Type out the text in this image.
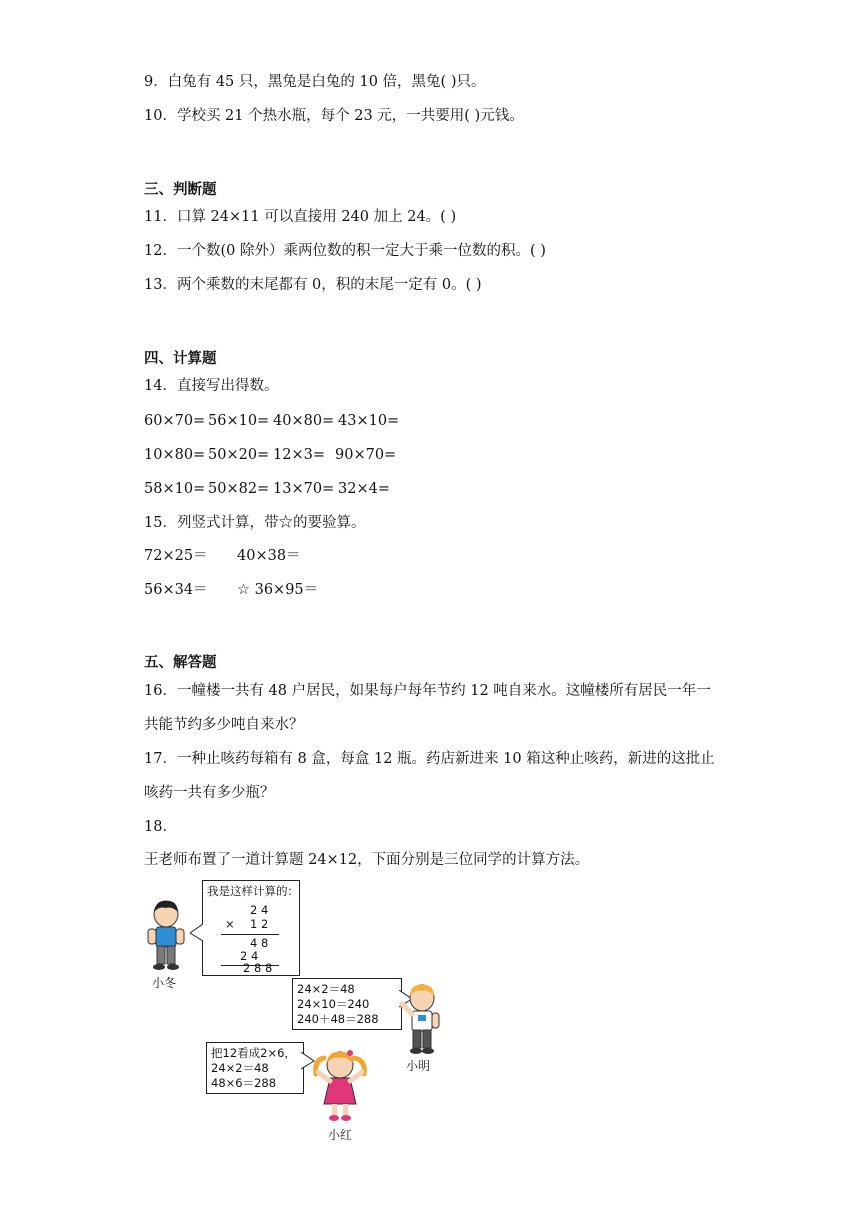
9．白兔有 45 只，黑兔是白兔的 10 倍，黑兔( )只。
10．学校买 21 个热水瓶，每个 23 元，一共要用( )元钱。
三、判断题
11．口算 24×11 可以直接用 240 加上 24。( )
12．一个数(0 除外）乘两位数的积一定大于乘一位数的积。( )
13．两个乘数的末尾都有 0，积的末尾一定有 0。( )
四、计算题
14．直接写出得数。
60×70= 56×10= 40×80= 43×10=
10×80= 50×20= 12×3= 90×70=
58×10= 50×82= 13×70= 32×4=
15．列竖式计算，带☆的要验算。
72×25＝ 40×38＝
56×34＝ ☆ 36×95＝
五、解答题
16．一幢楼一共有 48 户居民，如果每户每年节约 12 吨自来水。这幢楼所有居民一年一
共能节约多少吨自来水？
17．一种止咳药每箱有 8 盒，每盒 12 瓶。药店新进来 10 箱这种止咳药，新进的这批止
咳药一共有多少瓶？
18．
王老师布置了一道计算题 24×12，下面分别是三位同学的计算方法。
小冬
我是这样计算的：
2 4
× 1 2
4 8
2 4
2 8 8
24×2＝48
24×10＝240
240＋48＝288
小明
把12看成2×6，
24×2＝48
48×6＝288
小红
